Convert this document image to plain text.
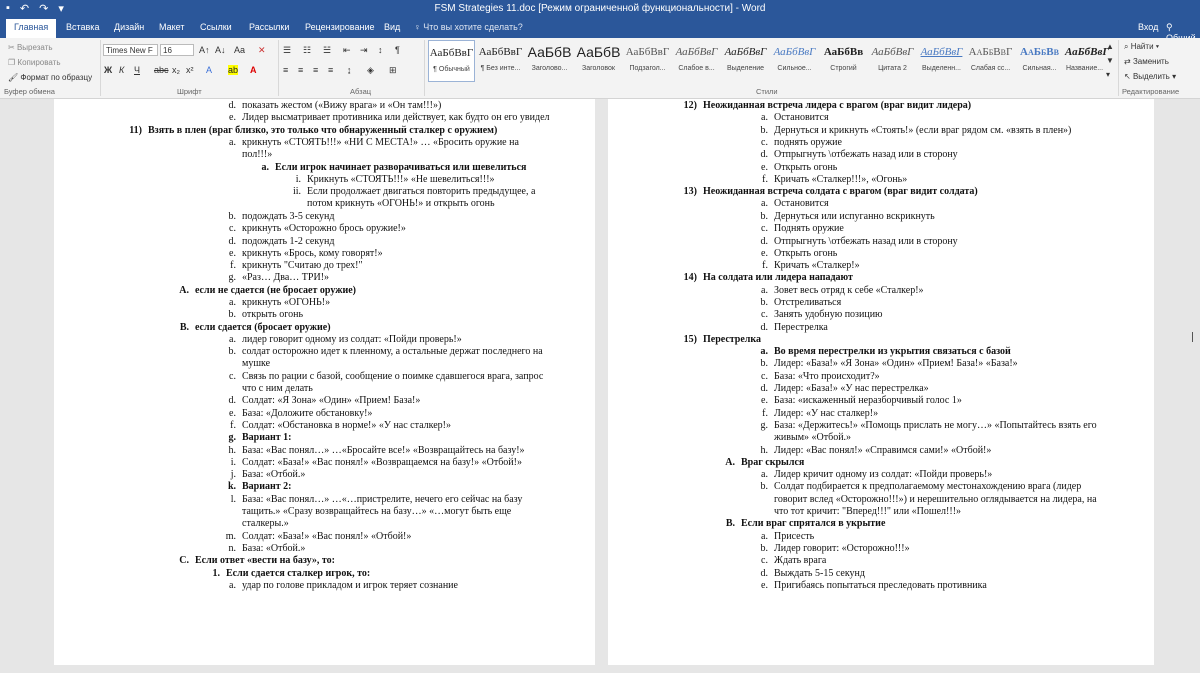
▪ ↶ ↷ ▾	FSM Strategies 11.doc [Режим ограниченной функциональности] - Word
Главная	Вставка Дизайн Макет Ссылки Рассылки Рецензирование Вид ♀ Что вы хотите сделать?	Вход ⚲
✂ Вырезать
❐ Копировать
🖌 Формат по образцу
Буфер обмена
Times New F	16	A↑ A↓ Aa ✕
Ж К Ч abc x₂ x² A ab A
Шрифт
☰ ☷ ☱ ⇤ ⇥ ↕ ¶
≡ ≡ ≡ ≡ ↨ ◈ ⊞
Абзац
АаБбВвГ
¶ Обычный
АаБбВвГ
¶ Без инте...
АаБбВ
Заголово...
АаБбВ
Заголовок
АаБбВвГ
Подзагол...
АаБбВвГ
Слабое в...
АаБбВвГ
Выделение
АаБбВвГ
Сильное...
АаБбВв
Строгий
АаБбВвГ
Цитата 2
АаБбВвГ
Выделенн...
АаБбВвГ
Слабая сс...
АаБбВв
Сильная...
АаБбВвГ
Название...
▲
▼
▾
Стили
⌕ Найти ▾
⇄ Заменить
↖ Выделить ▾
Редактирование
d. показать жестом («Вижу врага» и «Он там!!!»)
e. Лидер высматривает противника или действует, как будто он его увидел
11) Взять в плен (враг близко, это только что обнаруженный сталкер с оружием)
a. крикнуть «СТОЯТЬ!!!» «НИ С МЕСТА!» … «Бросить оружие на
пол!!!»
a. Если игрок начинает разворачиваться или шевелиться
i. Крикнуть «СТОЯТЬ!!!» «Не шевелиться!!!»
ii. Если продолжает двигаться повторить предыдущее, а
потом крикнуть «ОГОНЬ!» и открыть огонь
b. подождать 3-5 секунд
c. крикнуть «Осторожно брось оружие!»
d. подождать 1-2 секунд
e. крикнуть «Брось, кому говорят!»
f. крикнуть "Считаю до трех!"
g. «Раз… Два… ТРИ!»
A. если не сдается (не бросает оружие)
a. крикнуть «ОГОНЬ!»
b. открыть огонь
B. если сдается (бросает оружие)
a. лидер говорит одному из солдат: «Пойди проверь!»
b. солдат осторожно идет к пленному, а остальные держат последнего на
мушке
c. Связь по рации с базой, сообщение о поимке сдавшегося врага, запрос
что с ним делать
d. Солдат: «Я Зона» «Один» «Прием! База!»
e. База: «Доложите обстановку!»
f. Солдат: «Обстановка в норме!» «У нас сталкер!»
g. Вариант 1:
h. База: «Вас понял…» …«Бросайте все!» «Возвращайтесь на базу!»
i. Солдат: «База!» «Вас понял!» «Возвращаемся на базу!» «Отбой!»
j. База: «Отбой.»
k. Вариант 2:
l. База: «Вас понял…» …«…пристрелите, нечего его сейчас на базу
тащить.» «Сразу возвращайтесь на базу…» «…могут быть еще
сталкеры.»
m. Солдат: «База!» «Вас понял!» «Отбой!»
n. База: «Отбой.»
C. Если ответ «вести на базу», то:
1. Если сдается сталкер игрок, то:
a. удар по голове прикладом и игрок теряет сознание
12) Неожиданная встреча лидера с врагом (враг видит лидера)
a. Остановится
b. Дернуться и крикнуть «Стоять!» (если враг рядом см. «взять в плен»)
c. поднять оружие
d. Отпрыгнуть \отбежать назад или в сторону
e. Открыть огонь
f. Кричать «Сталкер!!!», «Огонь»
13) Неожиданная встреча солдата с врагом (враг видит солдата)
a. Остановится
b. Дернуться или испуганно вскрикнуть
c. Поднять оружие
d. Отпрыгнуть \отбежать назад или в сторону
e. Открыть огонь
f. Кричать «Сталкер!»
14) На солдата или лидера нападают
a. Зовет весь отряд к себе «Сталкер!»
b. Отстреливаться
c. Занять удобную позицию
d. Перестрелка
15) Перестрелка
a. Во время перестрелки из укрытия связаться с базой
b. Лидер: «База!» «Я Зона» «Один» «Прием! База!» «База!»
c. База: «Что происходит?»
d. Лидер: «База!» «У нас перестрелка»
e. База: «искаженный неразборчивый голос 1»
f. Лидер: «У нас сталкер!»
g. База: «Держитесь!» «Помощь прислать не могу…» «Попытайтесь взять его
живым» «Отбой.»
h. Лидер: «Вас понял!» «Справимся сами!» «Отбой!»
A. Враг скрылся
a. Лидер кричит одному из солдат: «Пойди проверь!»
b. Солдат подбирается к предполагаемому местонахождению врага (лидер
говорит вслед «Осторожно!!!») и нерешительно оглядывается на лидера, на
что тот кричит: "Вперед!!!" или «Пошел!!!»
B. Если враг спрятался в укрытие
a. Присесть
b. Лидер говорит: «Осторожно!!!»
c. Ждать врага
d. Выждать 5-15 секунд
e. Пригибаясь попытаться преследовать противника
